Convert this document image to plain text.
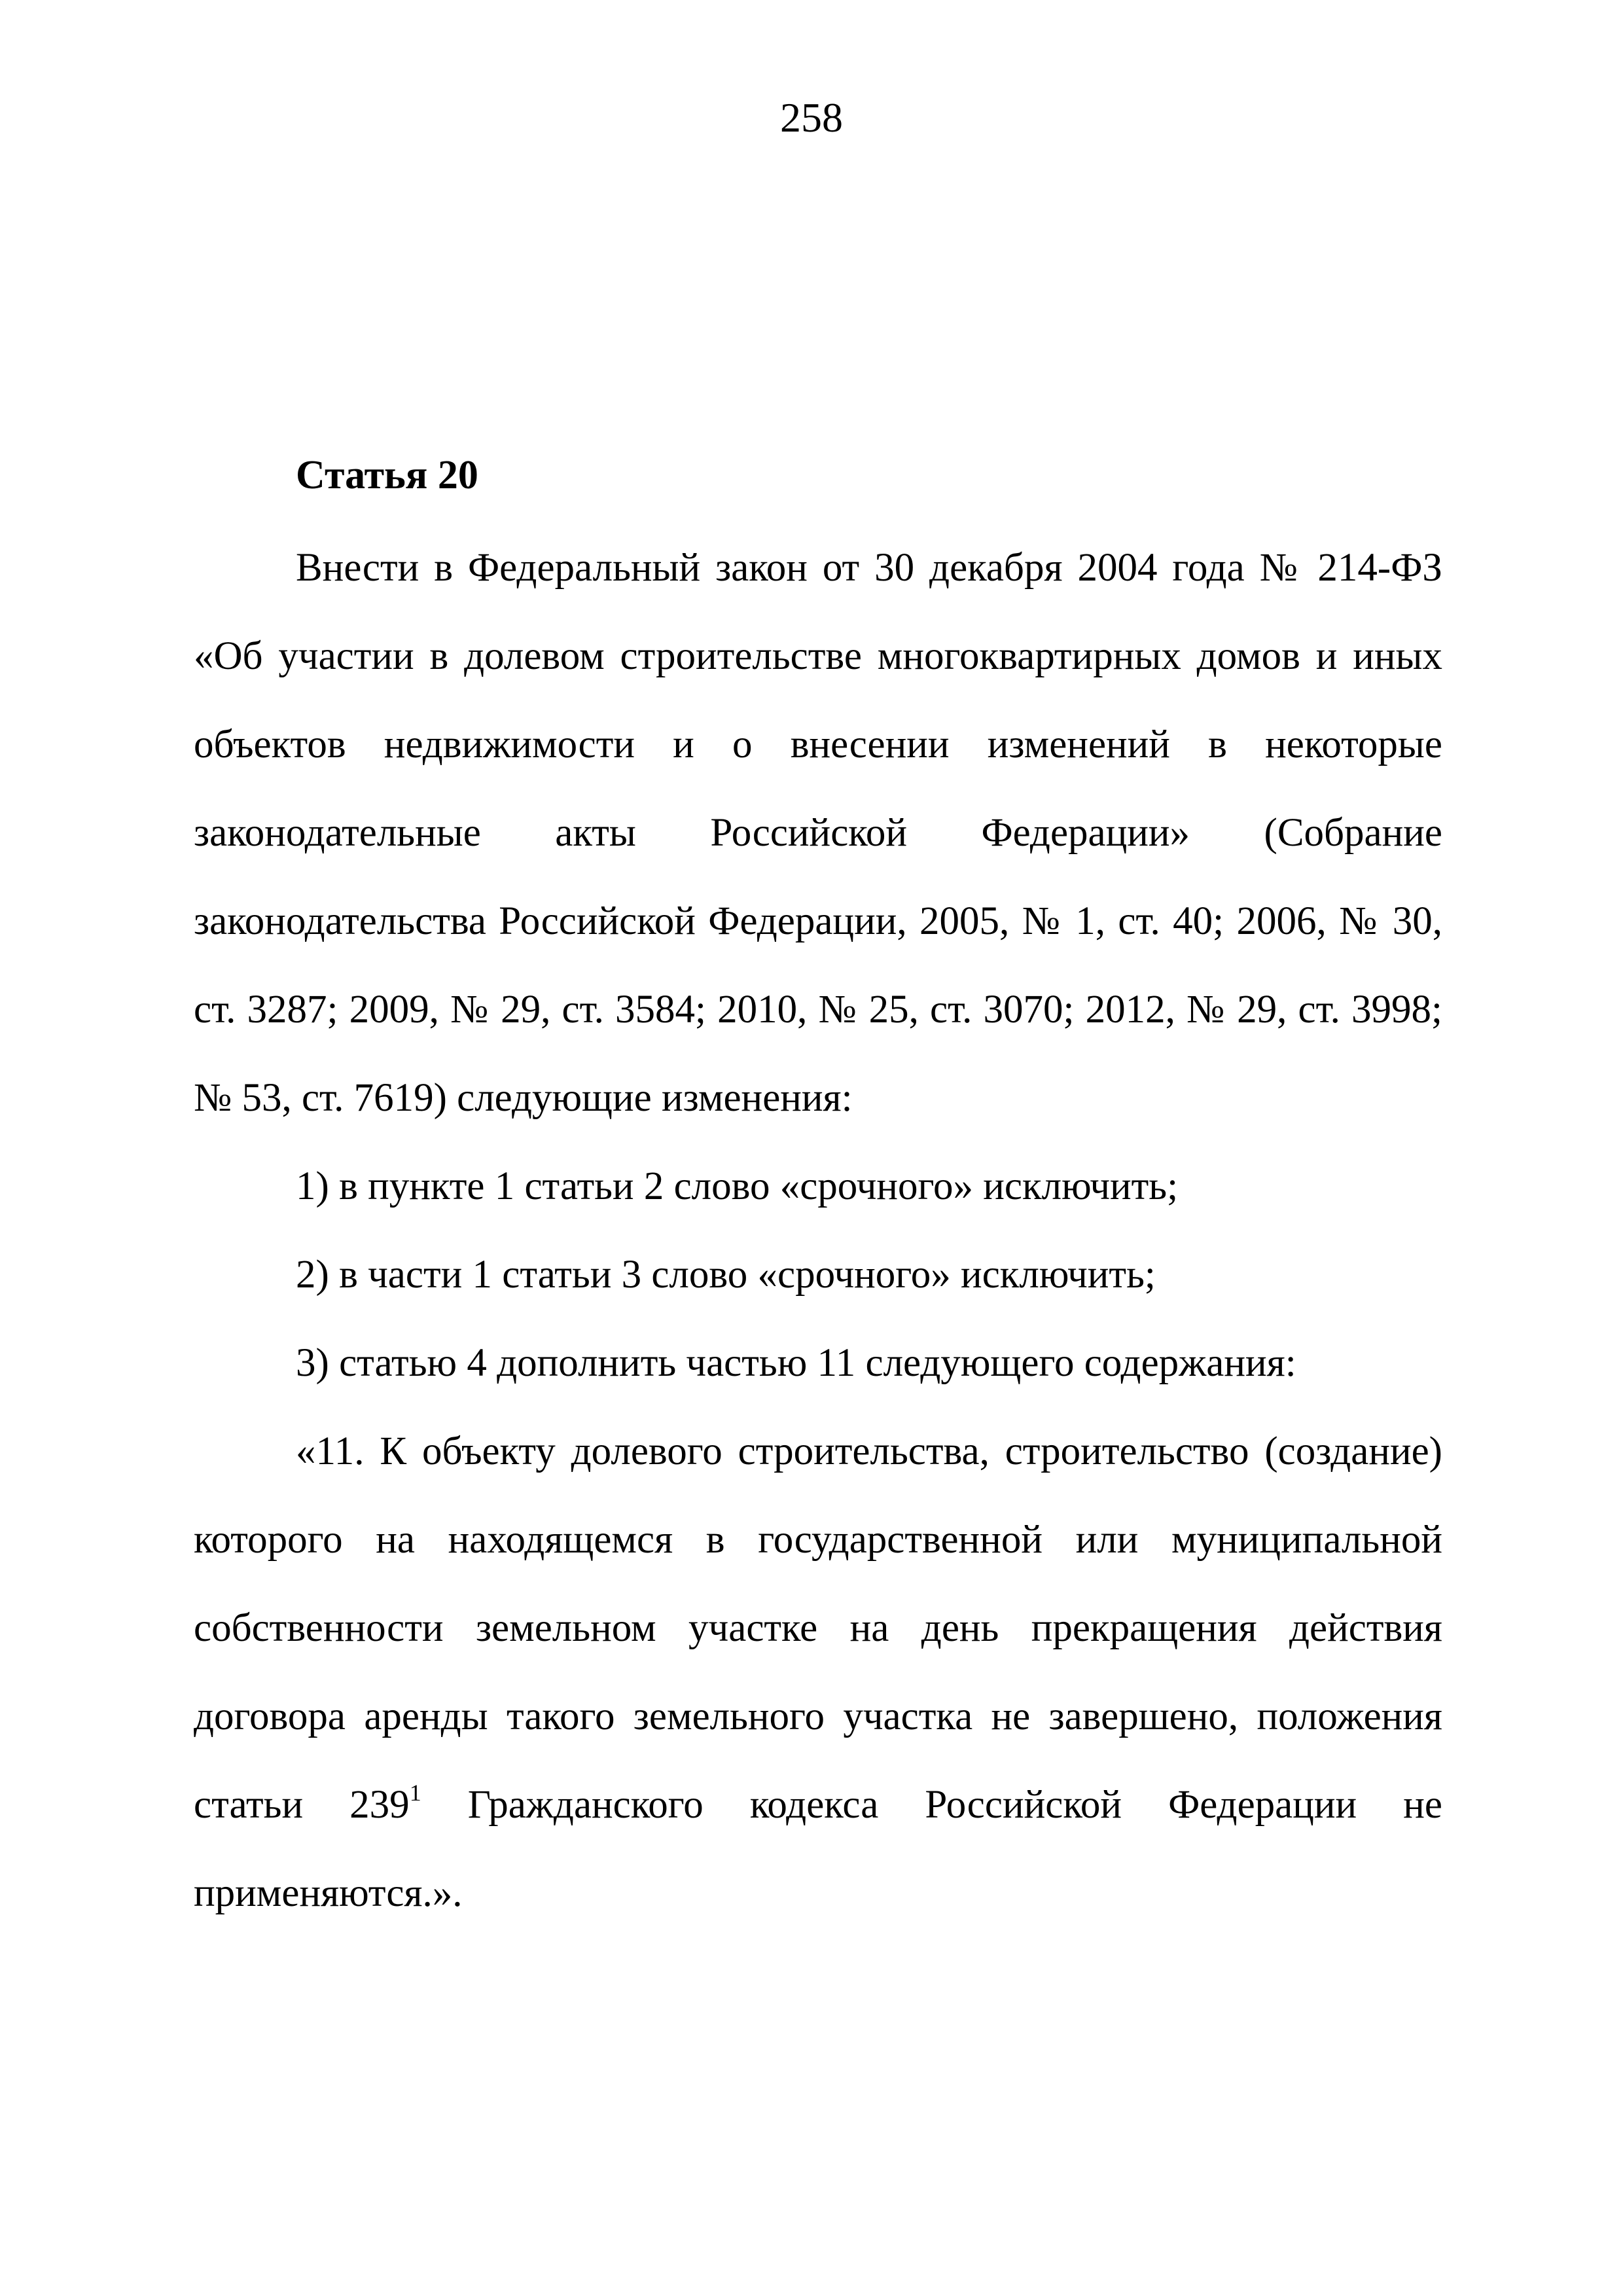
258
Статья 20

Внести в Федеральный закон от 30 декабря 2004 года № 214-ФЗ «Об участии в долевом строительстве многоквартирных домов и иных объектов недвижимости и о внесении изменений в некоторые законодательные акты Российской Федерации» (Собрание законодательства Российской Федерации, 2005, № 1, ст. 40; 2006, № 30, ст. 3287; 2009, № 29, ст. 3584; 2010, № 25, ст. 3070; 2012, № 29, ст. 3998; № 53, ст. 7619) следующие изменения:

1) в пункте 1 статьи 2 слово «срочного» исключить;

2) в части 1 статьи 3 слово «срочного» исключить;

3) статью 4 дополнить частью 11 следующего содержания:

«11. К объекту долевого строительства, строительство (создание) которого на находящемся в государственной или муниципальной собственности земельном участке на день прекращения действия договора аренды такого земельного участка не завершено, положения статьи $239^1$ Гражданского кодекса Российской Федерации не применяются.».
